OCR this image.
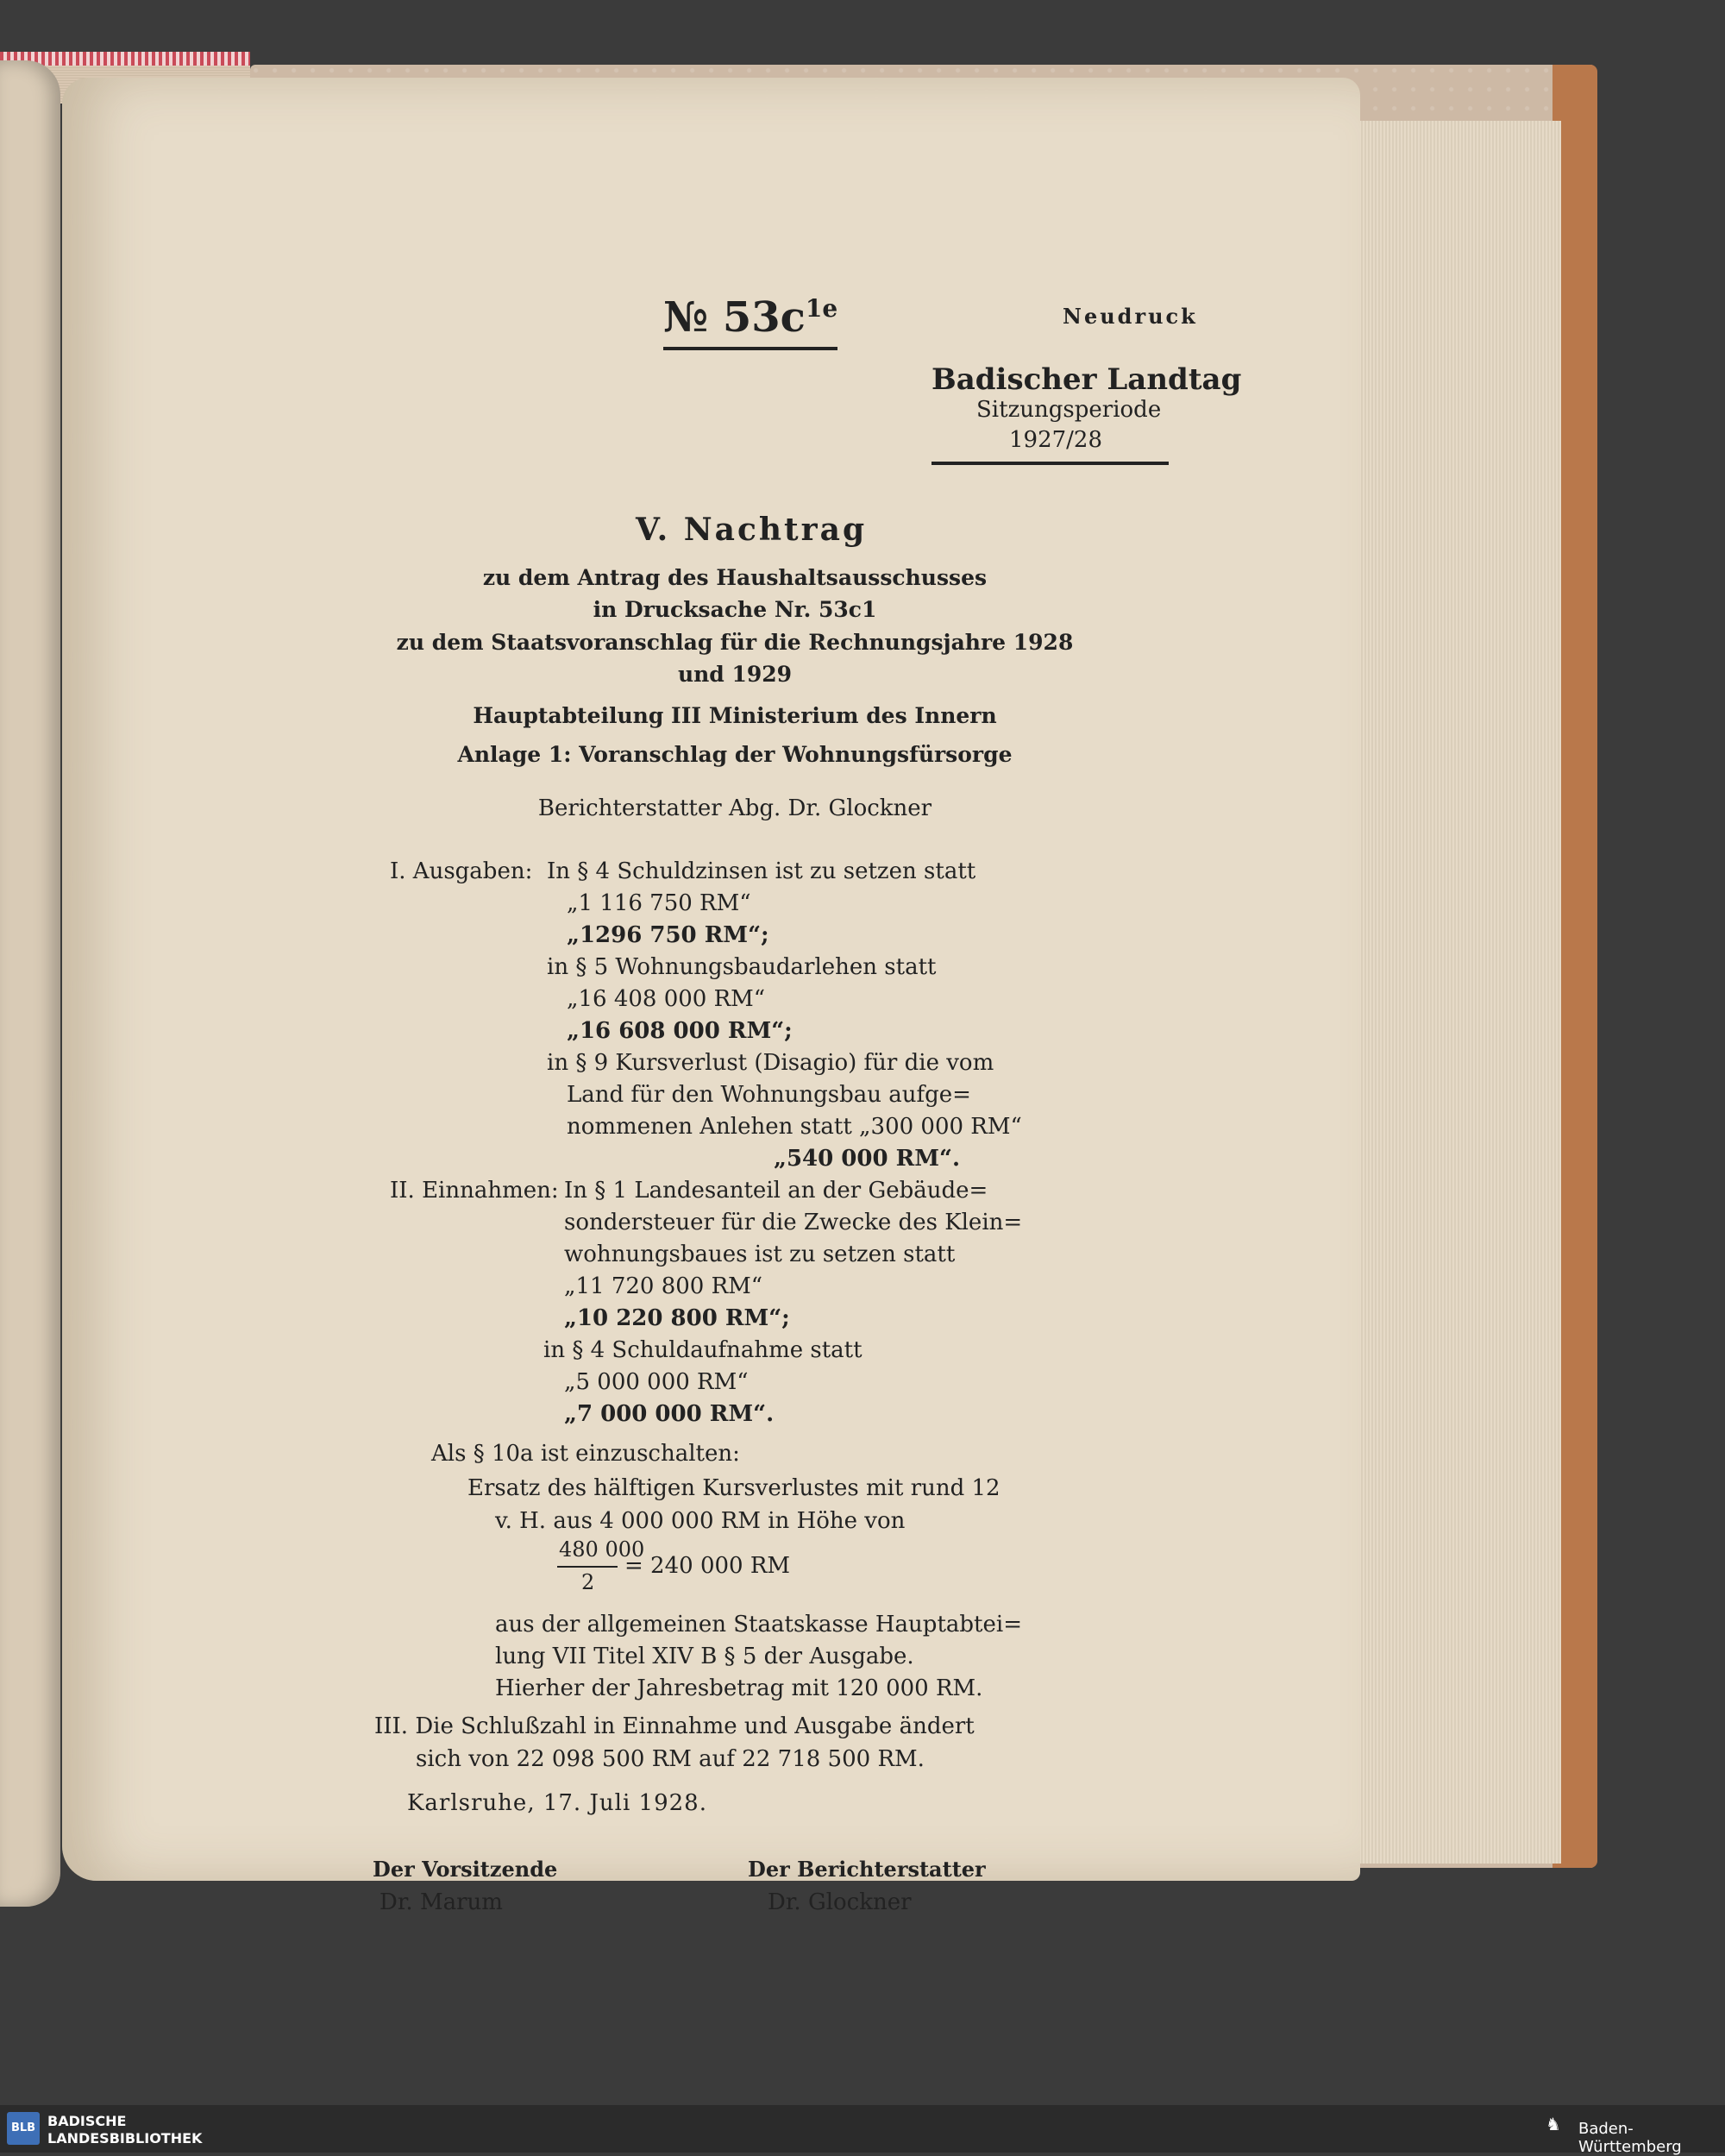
№ $53c^{1e}$	Neudruck
Badischer Landtag
Sitzungsperiode
1927/28
V. Nachtrag
zu dem Antrag des Haushaltsausschusses
in Drucksache Nr. 53c1
zu dem Staatsvoranschlag für die Rechnungsjahre 1928
und 1929
Hauptabteilung III Ministerium des Innern
Anlage 1: Voranschlag der Wohnungsfürsorge
Berichterstatter Abg. Dr. Glockner
I. Ausgaben: In § 4 Schuldzinsen ist zu setzen statt
„1 116 750 RM“
„1296 750 RM“;
in § 5 Wohnungsbaudarlehen statt
„16 408 000 RM“
„16 608 000 RM“;
in § 9 Kursverlust (Disagio) für die vom
Land für den Wohnungsbau aufge=
nommenen Anlehen statt „300 000 RM“
„540 000 RM“.
II. Einnahmen: In § 1 Landesanteil an der Gebäude=
sondersteuer für die Zwecke des Klein=
wohnungsbaues ist zu setzen statt
„11 720 800 RM“
„10 220 800 RM“;
in § 4 Schuldaufnahme statt
„5 000 000 RM“
„7 000 000 RM“.
Als § 10a ist einzuschalten:
Ersatz des hälftigen Kursverlustes mit rund 12
v. H. aus 4 000 000 RM in Höhe von
480 000
2
= 240 000 RM
aus der allgemeinen Staatskasse Hauptabtei=
lung VII Titel XIV B § 5 der Ausgabe.
Hierher der Jahresbetrag mit 120 000 RM.
III. Die Schlußzahl in Einnahme und Ausgabe ändert
sich von 22 098 500 RM auf 22 718 500 RM.
Karlsruhe, 17. Juli 1928.
Der Vorsitzende
Dr. Marum
Der Berichterstatter
Dr. Glockner
BLB BADISCHE
LANDESBIBLIOTHEK
♞ Baden-Württemberg
